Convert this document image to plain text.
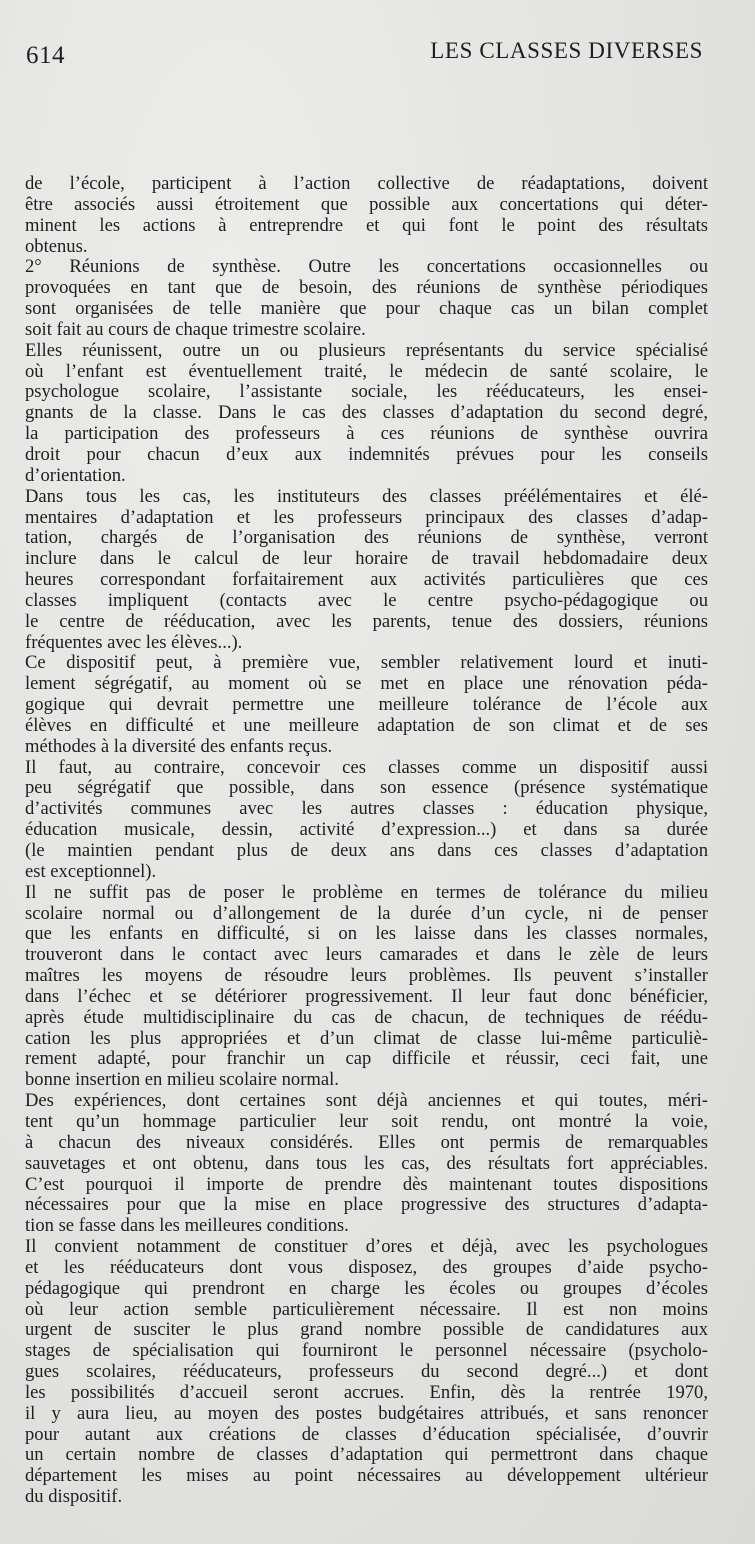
614	LES CLASSES DIVERSES
de l’école, participent à l’action collective de réadaptations, doivent
être associés aussi étroitement que possible aux concertations qui déter-
minent les actions à entreprendre et qui font le point des résultats
obtenus.
2° Réunions de synthèse. Outre les concertations occasionnelles ou
provoquées en tant que de besoin, des réunions de synthèse périodiques
sont organisées de telle manière que pour chaque cas un bilan complet
soit fait au cours de chaque trimestre scolaire.
Elles réunissent, outre un ou plusieurs représentants du service spécialisé
où l’enfant est éventuellement traité, le médecin de santé scolaire, le
psychologue scolaire, l’assistante sociale, les rééducateurs, les ensei-
gnants de la classe. Dans le cas des classes d’adaptation du second degré,
la participation des professeurs à ces réunions de synthèse ouvrira
droit pour chacun d’eux aux indemnités prévues pour les conseils
d’orientation.
Dans tous les cas, les instituteurs des classes préélémentaires et élé-
mentaires d’adaptation et les professeurs principaux des classes d’adap-
tation, chargés de l’organisation des réunions de synthèse, verront
inclure dans le calcul de leur horaire de travail hebdomadaire deux
heures correspondant forfaitairement aux activités particulières que ces
classes impliquent (contacts avec le centre psycho-pédagogique ou
le centre de rééducation, avec les parents, tenue des dossiers, réunions
fréquentes avec les élèves...).
Ce dispositif peut, à première vue, sembler relativement lourd et inuti-
lement ségrégatif, au moment où se met en place une rénovation péda-
gogique qui devrait permettre une meilleure tolérance de l’école aux
élèves en difficulté et une meilleure adaptation de son climat et de ses
méthodes à la diversité des enfants reçus.
Il faut, au contraire, concevoir ces classes comme un dispositif aussi
peu ségrégatif que possible, dans son essence (présence systématique
d’activités communes avec les autres classes : éducation physique,
éducation musicale, dessin, activité d’expression...) et dans sa durée
(le maintien pendant plus de deux ans dans ces classes d’adaptation
est exceptionnel).
Il ne suffit pas de poser le problème en termes de tolérance du milieu
scolaire normal ou d’allongement de la durée d’un cycle, ni de penser
que les enfants en difficulté, si on les laisse dans les classes normales,
trouveront dans le contact avec leurs camarades et dans le zèle de leurs
maîtres les moyens de résoudre leurs problèmes. Ils peuvent s’installer
dans l’échec et se détériorer progressivement. Il leur faut donc bénéficier,
après étude multidisciplinaire du cas de chacun, de techniques de réédu-
cation les plus appropriées et d’un climat de classe lui-même particuliè-
rement adapté, pour franchir un cap difficile et réussir, ceci fait, une
bonne insertion en milieu scolaire normal.
Des expériences, dont certaines sont déjà anciennes et qui toutes, méri-
tent qu’un hommage particulier leur soit rendu, ont montré la voie,
à chacun des niveaux considérés. Elles ont permis de remarquables
sauvetages et ont obtenu, dans tous les cas, des résultats fort appréciables.
C’est pourquoi il importe de prendre dès maintenant toutes dispositions
nécessaires pour que la mise en place progressive des structures d’adapta-
tion se fasse dans les meilleures conditions.
Il convient notamment de constituer d’ores et déjà, avec les psychologues
et les rééducateurs dont vous disposez, des groupes d’aide psycho-
pédagogique qui prendront en charge les écoles ou groupes d’écoles
où leur action semble particulièrement nécessaire. Il est non moins
urgent de susciter le plus grand nombre possible de candidatures aux
stages de spécialisation qui fourniront le personnel nécessaire (psycholo-
gues scolaires, rééducateurs, professeurs du second degré...) et dont
les possibilités d’accueil seront accrues. Enfin, dès la rentrée 1970,
il y aura lieu, au moyen des postes budgétaires attribués, et sans renoncer
pour autant aux créations de classes d’éducation spécialisée, d’ouvrir
un certain nombre de classes d’adaptation qui permettront dans chaque
département les mises au point nécessaires au développement ultérieur
du dispositif.
